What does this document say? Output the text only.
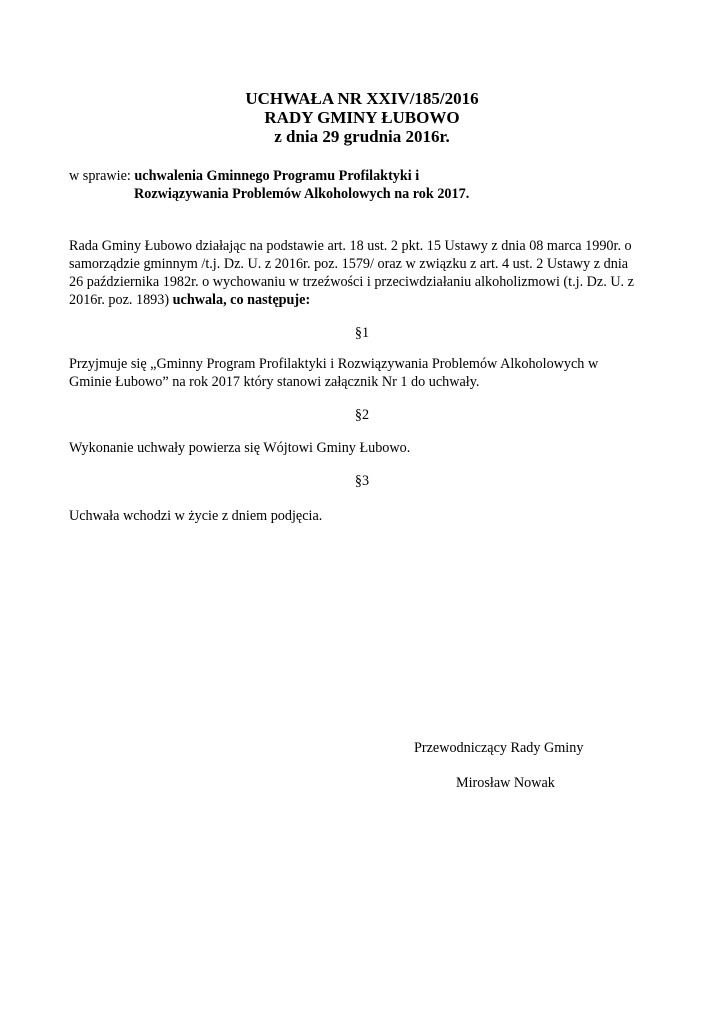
UCHWAŁA NR XXIV/185/2016
RADY GMINY ŁUBOWO
z dnia 29 grudnia 2016r.
w sprawie: uchwalenia Gminnego Programu Profilaktyki i
Rozwiązywania Problemów Alkoholowych na rok 2017.
Rada Gminy Łubowo działając na podstawie art. 18 ust. 2 pkt. 15 Ustawy z dnia 08 marca 1990r. o
samorządzie gminnym /t.j. Dz. U. z 2016r. poz. 1579/ oraz w związku z art. 4 ust. 2 Ustawy z dnia
26 października 1982r. o wychowaniu w trzeźwości i przeciwdziałaniu alkoholizmowi (t.j. Dz. U. z
2016r. poz. 1893) uchwala, co następuje:
§1
Przyjmuje się „Gminny Program Profilaktyki i Rozwiązywania Problemów Alkoholowych w
Gminie Łubowo” na rok 2017 który stanowi załącznik Nr 1 do uchwały.
§2
Wykonanie uchwały powierza się Wójtowi Gminy Łubowo.
§3
Uchwała wchodzi w życie z dniem podjęcia.
Przewodniczący Rady Gminy
Mirosław Nowak
